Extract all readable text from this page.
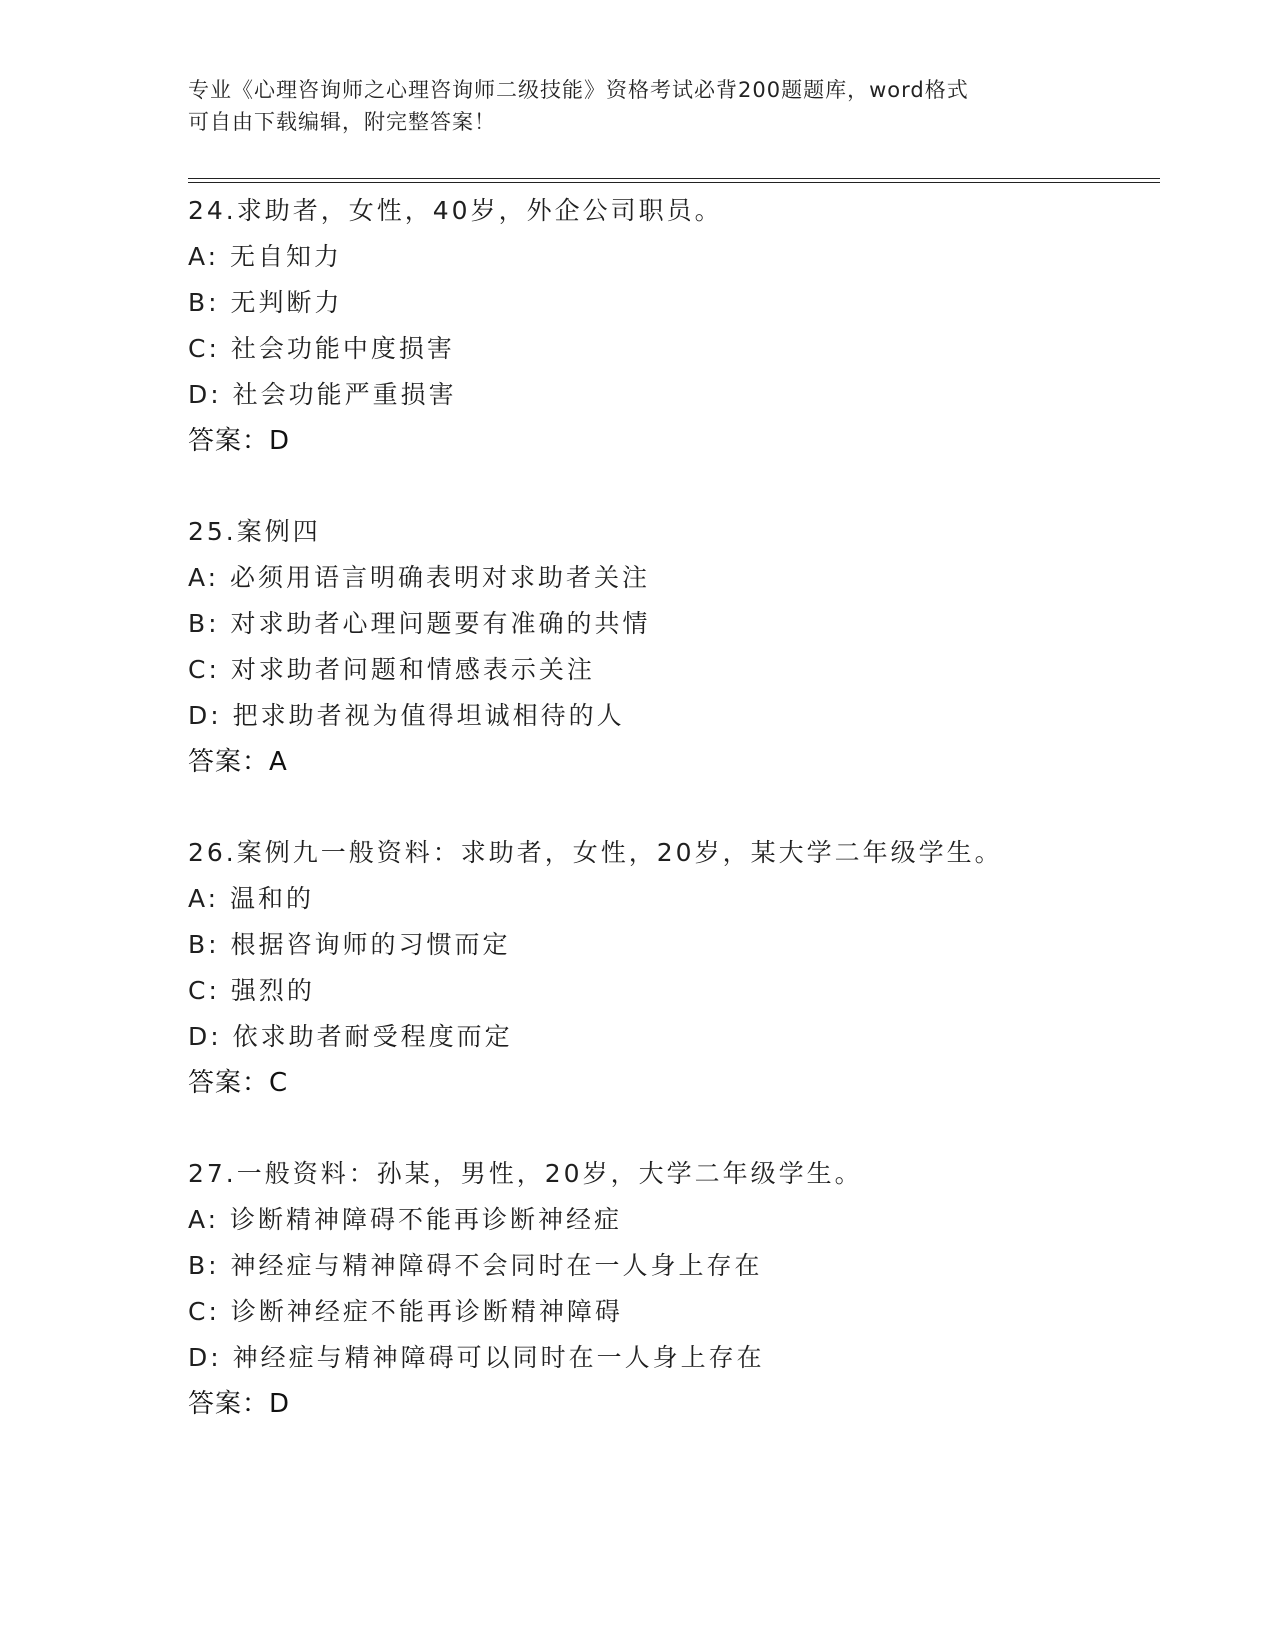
专业《心理咨询师之心理咨询师二级技能》资格考试必背200题题库，word格式
可自由下载编辑，附完整答案！
24.求助者，女性，40岁，外企公司职员。
A: 无自知力
B: 无判断力
C: 社会功能中度损害
D: 社会功能严重损害
答案：D
25.案例四
A: 必须用语言明确表明对求助者关注
B: 对求助者心理问题要有准确的共情
C: 对求助者问题和情感表示关注
D: 把求助者视为值得坦诚相待的人
答案：A
26.案例九一般资料：求助者，女性，20岁，某大学二年级学生。
A: 温和的
B: 根据咨询师的习惯而定
C: 强烈的
D: 依求助者耐受程度而定
答案：C
27.一般资料：孙某，男性，20岁，大学二年级学生。
A: 诊断精神障碍不能再诊断神经症
B: 神经症与精神障碍不会同时在一人身上存在
C: 诊断神经症不能再诊断精神障碍
D: 神经症与精神障碍可以同时在一人身上存在
答案：D
